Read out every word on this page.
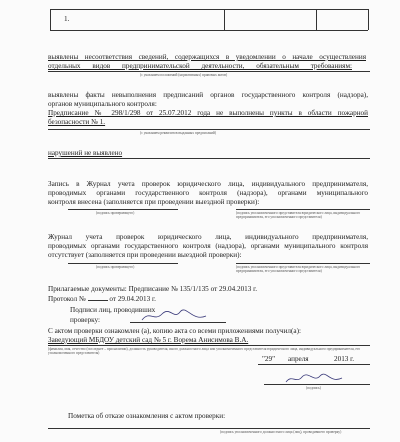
1.
выявлены несоответствия сведений, содержащихся в уведомлении о начале осуществления
отдельных видов предпринимательской деятельности, обязательным требованиям:
(с указанием положений (нормативных) правовых актов)
выявлены факты невыполнения предписаний органов государственного контроля (надзора),
органов муниципального контроля:
Предписание № 298/1/298 от 25.07.2012 года не выполнены пункты в области пожарной
безопасности № 1.
(с указанием реквизитов выданных предписаний)
нарушений не выявлено
Запись в Журнал учета проверок юридического лица, индивидуального предпринимателя,
проводимых органами государственного контроля (надзора), органами муниципального
контроля внесена (заполняется при проведении выездной проверки):
(подпись проверяющего)	(подпись уполномоченного представителя юридического лица, индивидуального предпринимателя, его уполномоченного представителя)
Журнал учета проверок юридического лица, индивидуального предпринимателя,
проводимых органами государственного контроля (надзора), органами муниципального контроля
отсутствует (заполняется при проведении выездной проверки):
(подпись проверяющего)	(подпись уполномоченного представителя юридического лица, индивидуального предпринимателя, его уполномоченного представителя)
Прилагаемые документы: Предписание № 135/1/135 от 29.04.2013 г.
Протокол №	от 29.04.2013 г.
Подписи лиц, проводивших
проверку:
С актом проверки ознакомлен (а), копию акта со всеми приложениями получил(а):
Заведующий МБДОУ детский сад № 5 г. Ворема Анисимова В.А.
(фамилия, имя, отчество (последнее – при наличии), должность руководителя, иного должностного лица или уполномоченного представителя юридического лица, индивидуального предпринимателя, его уполномоченного представителя)
"29" апреля	2013 г.
(подпись)
Пометка об отказе ознакомления с актом проверки:
(подпись уполномоченного должностного лица (лиц), проводившего проверку)
